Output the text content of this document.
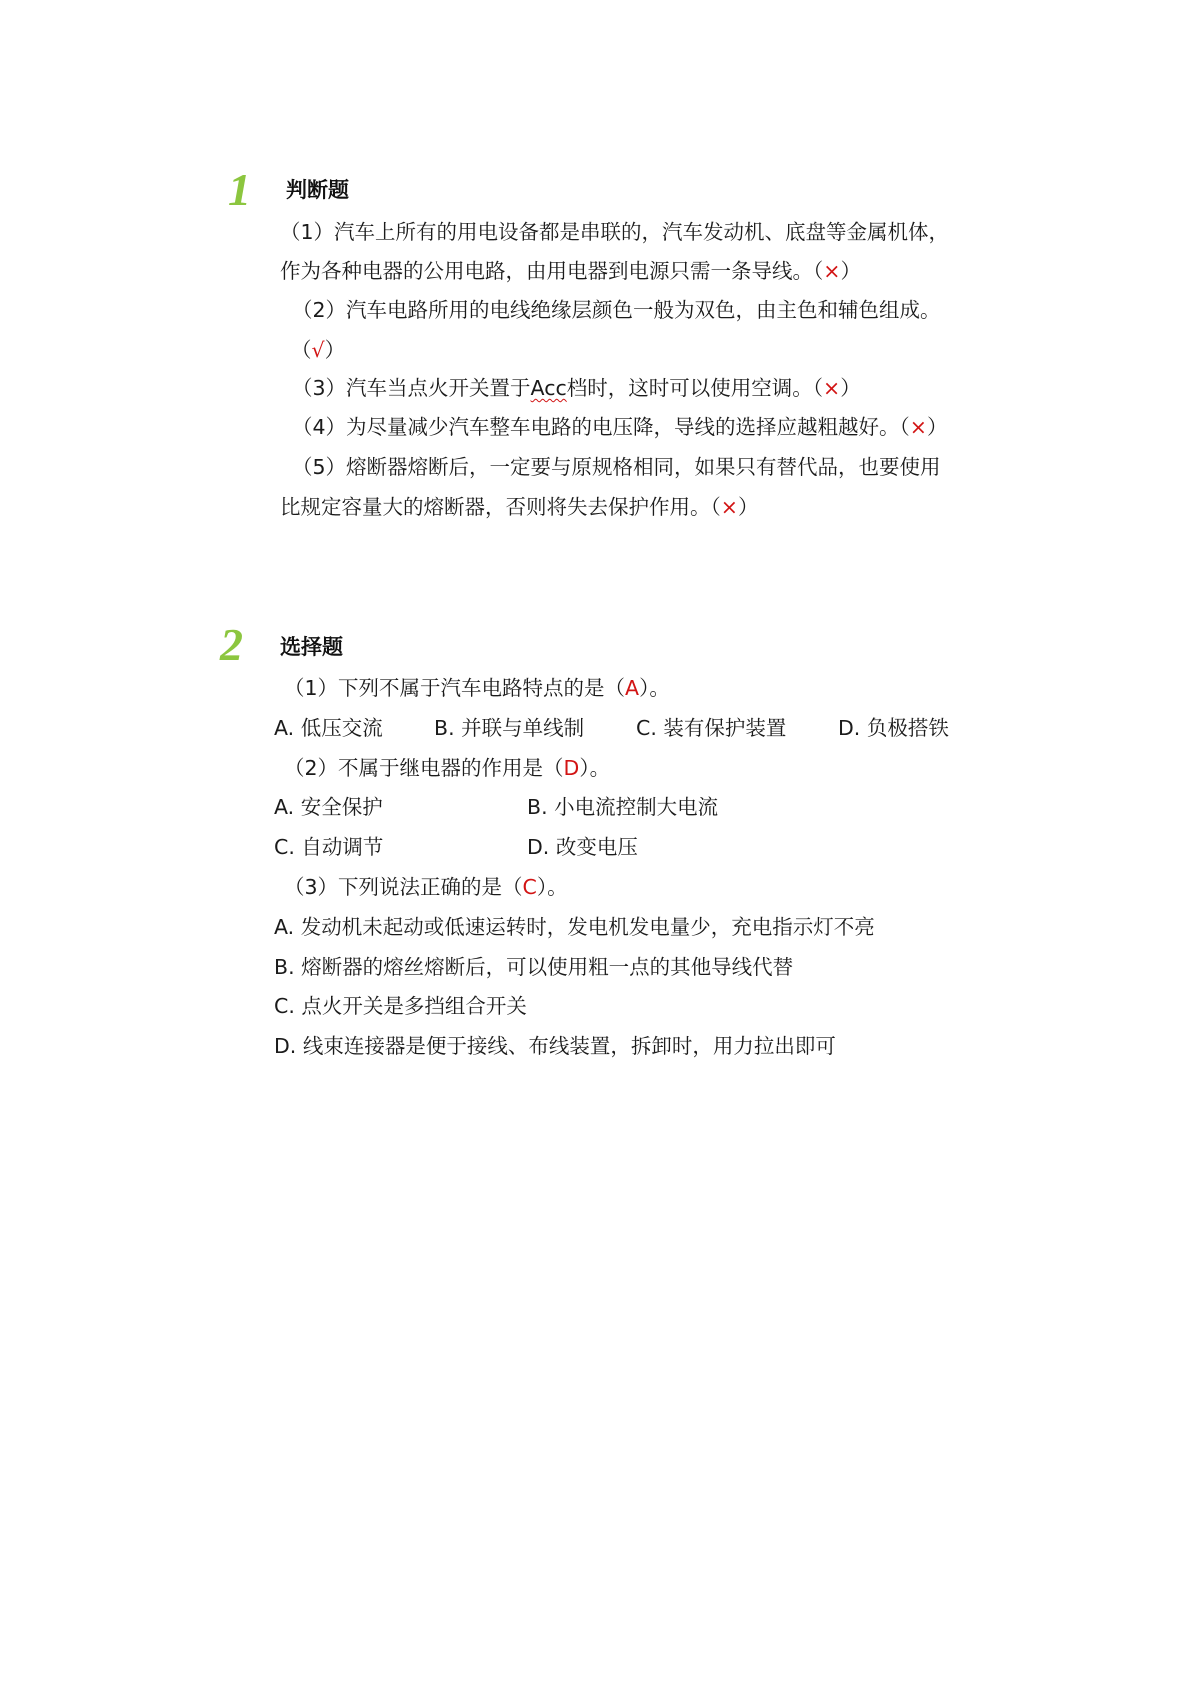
1 判断题
（1）汽车上所有的用电设备都是串联的，汽车发动机、底盘等金属机体，
作为各种电器的公用电路，由用电器到电源只需一条导线。（×）
（2）汽车电路所用的电线绝缘层颜色一般为双色，由主色和辅色组成。
（√）
（3）汽车当点火开关置于Acc档时，这时可以使用空调。（×）
（4）为尽量减少汽车整车电路的电压降，导线的选择应越粗越好。（×）
（5）熔断器熔断后，一定要与原规格相同，如果只有替代品，也要使用
比规定容量大的熔断器，否则将失去保护作用。（×）
2 选择题
（1）下列不属于汽车电路特点的是（A）。
A. 低压交流	B. 并联与单线制	C. 装有保护装置	D. 负极搭铁
（2）不属于继电器的作用是（D）。
A. 安全保护	B. 小电流控制大电流
C. 自动调节	D. 改变电压
（3）下列说法正确的是（C）。
A. 发动机未起动或低速运转时，发电机发电量少，充电指示灯不亮
B. 熔断器的熔丝熔断后，可以使用粗一点的其他导线代替
C. 点火开关是多挡组合开关
D. 线束连接器是便于接线、布线装置，拆卸时，用力拉出即可
